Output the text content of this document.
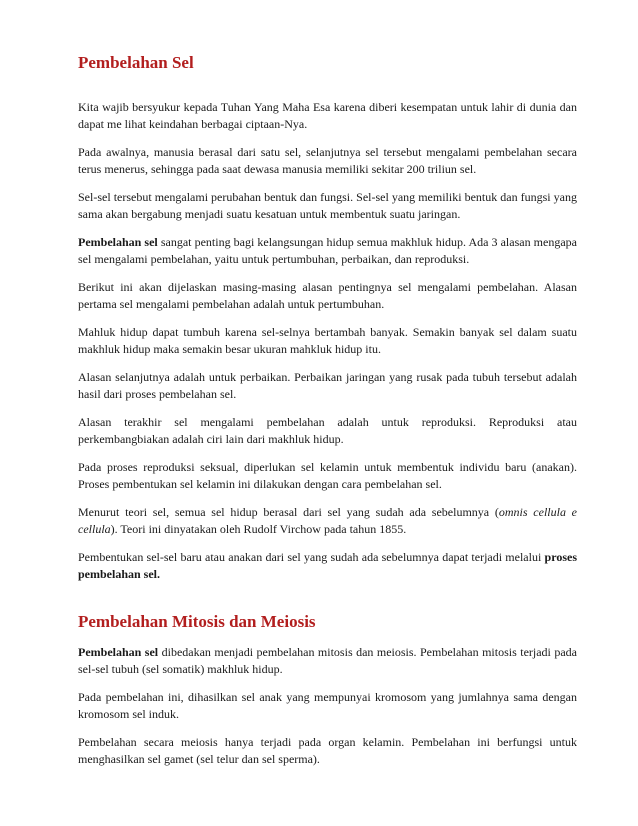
Pembelahan Sel

Kita wajib bersyukur kepada Tuhan Yang Maha Esa karena diberi kesempatan untuk lahir di dunia dan dapat me lihat keindahan berbagai ciptaan-Nya.

Pada awalnya, manusia berasal dari satu sel, selanjutnya sel tersebut mengalami pembelahan secara terus menerus, sehingga pada saat dewasa manusia memiliki sekitar 200 triliun sel.

Sel-sel tersebut mengalami perubahan bentuk dan fungsi. Sel-sel yang memiliki bentuk dan fungsi yang sama akan bergabung menjadi suatu kesatuan untuk membentuk suatu jaringan.

Pembelahan sel sangat penting bagi kelangsungan hidup semua makhluk hidup. Ada 3 alasan mengapa sel mengalami pembelahan, yaitu untuk pertumbuhan, perbaikan, dan reproduksi.

Berikut ini akan dijelaskan masing-masing alasan pentingnya sel mengalami pembelahan. Alasan pertama sel mengalami pembelahan adalah untuk pertumbuhan.

Mahluk hidup dapat tumbuh karena sel-selnya bertambah banyak. Semakin banyak sel dalam suatu makhluk hidup maka semakin besar ukuran mahkluk hidup itu.

Alasan selanjutnya adalah untuk perbaikan. Perbaikan jaringan yang rusak pada tubuh tersebut adalah hasil dari proses pembelahan sel.

Alasan terakhir sel mengalami pembelahan adalah untuk reproduksi. Reproduksi atau perkembangbiakan adalah ciri lain dari makhluk hidup.

Pada proses reproduksi seksual, diperlukan sel kelamin untuk membentuk individu baru (anakan). Proses pembentukan sel kelamin ini dilakukan dengan cara pembelahan sel.

Menurut teori sel, semua sel hidup berasal dari sel yang sudah ada sebelumnya (omnis cellula e cellula). Teori ini dinyatakan oleh Rudolf Virchow pada tahun 1855.

Pembentukan sel-sel baru atau anakan dari sel yang sudah ada sebelumnya dapat terjadi melalui proses pembelahan sel.

Pembelahan Mitosis dan Meiosis

Pembelahan sel dibedakan menjadi pembelahan mitosis dan meiosis. Pembelahan mitosis terjadi pada sel-sel tubuh (sel somatik) makhluk hidup.

Pada pembelahan ini, dihasilkan sel anak yang mempunyai kromosom yang jumlahnya sama dengan kromosom sel induk.

Pembelahan secara meiosis hanya terjadi pada organ kelamin. Pembelahan ini berfungsi untuk menghasilkan sel gamet (sel telur dan sel sperma).
